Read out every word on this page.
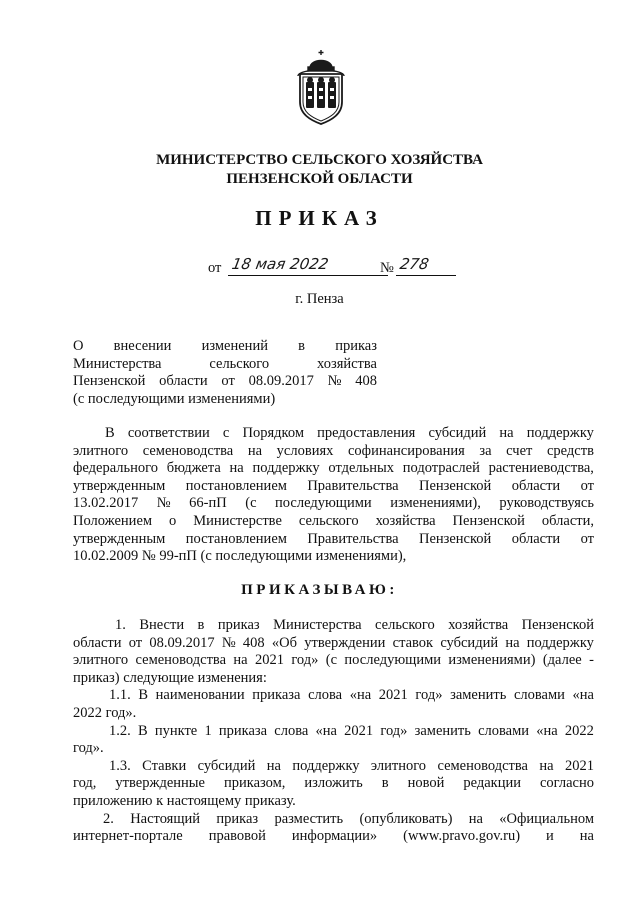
МИНИСТЕРСТВО СЕЛЬСКОГО ХОЗЯЙСТВА
ПЕНЗЕНСКОЙ ОБЛАСТИ
ПРИКАЗ
от 18 мая 2022	№ 278
г. Пенза
О внесении изменений в приказ
Министерства	сельского	хозяйства
Пензенской области от 08.09.2017 № 408
(с последующими изменениями)
В соответствии с Порядком предоставления субсидий на поддержку
элитного семеноводства на условиях софинансирования за счет средств
федерального бюджета на поддержку отдельных подотраслей растениеводства,
утвержденным постановлением Правительства Пензенской области от
13.02.2017 № 66-пП (с последующими изменениями), руководствуясь
Положением о Министерстве сельского хозяйства Пензенской области,
утвержденным постановлением Правительства Пензенской области от
10.02.2009 № 99-пП (с последующими изменениями),
ПРИКАЗЫВАЮ:
1. Внести в приказ Министерства сельского хозяйства Пензенской
области от 08.09.2017 № 408 «Об утверждении ставок субсидий на поддержку
элитного семеноводства на 2021 год» (с последующими изменениями) (далее -
приказ) следующие изменения:
1.1. В наименовании приказа слова «на 2021 год» заменить словами «на
2022 год».
1.2. В пункте 1 приказа слова «на 2021 год» заменить словами «на 2022
год».
1.3. Ставки субсидий на поддержку элитного семеноводства на 2021
год, утвержденные приказом, изложить в новой редакции согласно
приложению к настоящему приказу.
2. Настоящий приказ разместить (опубликовать) на «Официальном
интернет-портале правовой информации» (www.pravo.gov.ru) и на
